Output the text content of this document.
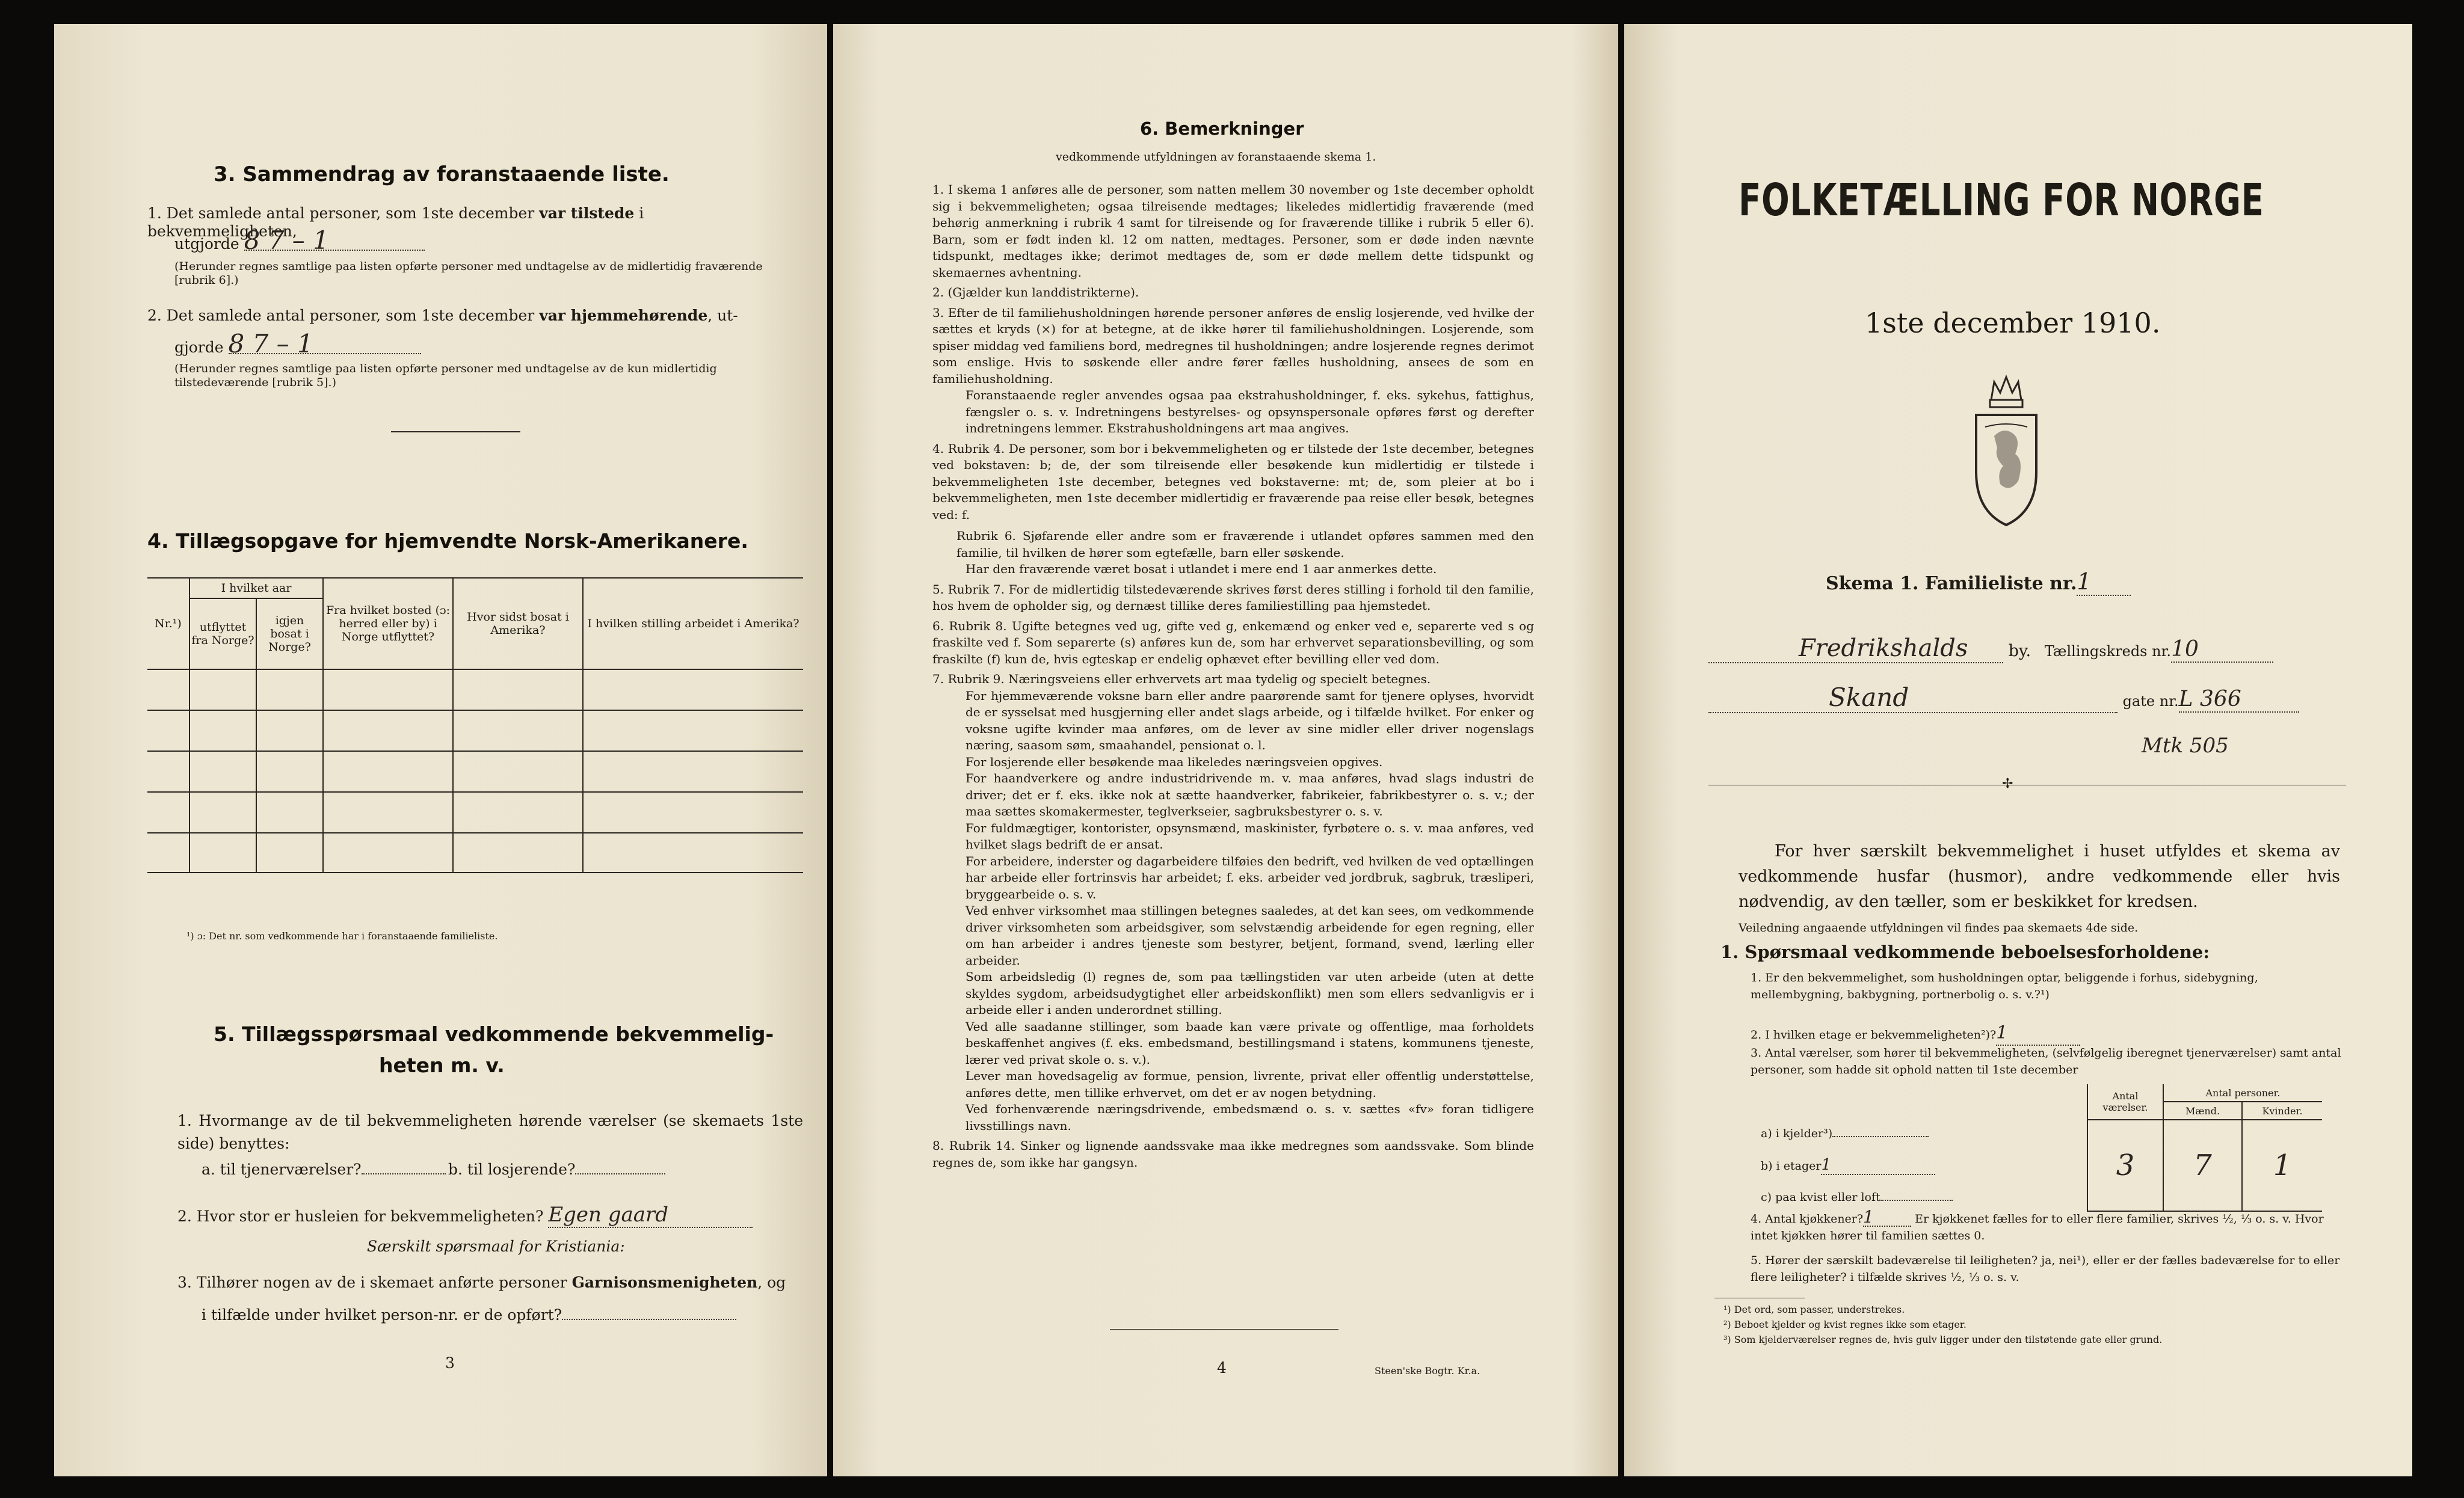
3. Sammendrag av foranstaaende liste.
1. Det samlede antal personer, som 1ste december var tilstede i bekvemmeligheten,
utgjorde 8 7 – 1
(Herunder regnes samtlige paa listen opførte personer med undtagelse av de midlertidig fraværende [rubrik 6].)
2. Det samlede antal personer, som 1ste december var hjemmehørende, ut-
gjorde 8 7 – 1
(Herunder regnes samtlige paa listen opførte personer med undtagelse av de kun midlertidig tilstedeværende [rubrik 5].)
4. Tillægsopgave for hjemvendte Norsk-Amerikanere.
Nr.¹)	I hvilket aar		Fra hvilket bosted (ɔ: herred eller by) i Norge utflyttet?	Hvor sidst bosat i Amerika?	I hvilken stilling arbeidet i Amerika?
	utflyttet fra Norge?	igjen bosat i Norge?			

¹) ɔ: Det nr. som vedkommende har i foranstaaende familieliste.
5. Tillægsspørsmaal vedkommende bekvemmelig-
heten m. v.
1. Hvormange av de til bekvemmeligheten hørende værelser (se skemaets 1ste side) benyttes:
a. til tjenerværelser?	b. til losjerende?
2. Hvor stor er husleien for bekvemmeligheten? Egen gaard
Særskilt spørsmaal for Kristiania:
3. Tilhører nogen av de i skemaet anførte personer Garnisonsmenigheten, og
i tilfælde under hvilket person-nr. er de opført?
3
6. Bemerkninger
vedkommende utfyldningen av foranstaaende skema 1.

1. I skema 1 anføres alle de personer, som natten mellem 30 november og 1ste december opholdt sig i bekvemmeligheten; ogsaa tilreisende medtages; likeledes midlertidig fraværende (med behørig anmerkning i rubrik 4 samt for tilreisende og for fraværende tillike i rubrik 5 eller 6). Barn, som er født inden kl. 12 om natten, medtages. Personer, som er døde inden nævnte tidspunkt, medtages ikke; derimot medtages de, som er døde mellem dette tidspunkt og skemaernes avhentning.

2. (Gjælder kun landdistrikterne).

3. Efter de til familiehusholdningen hørende personer anføres de enslig losjerende, ved hvilke der sættes et kryds (×) for at betegne, at de ikke hører til familiehusholdningen. Losjerende, som spiser middag ved familiens bord, medregnes til husholdningen; andre losjerende regnes derimot som enslige. Hvis to søskende eller andre fører fælles husholdning, ansees de som en familiehusholdning.

Foranstaaende regler anvendes ogsaa paa ekstrahusholdninger, f. eks. sykehus, fattighus, fængsler o. s. v. Indretningens bestyrelses- og opsynspersonale opføres først og derefter indretningens lemmer. Ekstrahusholdningens art maa angives.

4. Rubrik 4. De personer, som bor i bekvemmeligheten og er tilstede der 1ste december, betegnes ved bokstaven: b; de, der som tilreisende eller besøkende kun midlertidig er tilstede i bekvemmeligheten 1ste december, betegnes ved bokstaverne: mt; de, som pleier at bo i bekvemmeligheten, men 1ste december midlertidig er fraværende paa reise eller besøk, betegnes ved: f.

Rubrik 6. Sjøfarende eller andre som er fraværende i utlandet opføres sammen med den familie, til hvilken de hører som egtefælle, barn eller søskende.

Har den fraværende været bosat i utlandet i mere end 1 aar anmerkes dette.

5. Rubrik 7. For de midlertidig tilstedeværende skrives først deres stilling i forhold til den familie, hos hvem de opholder sig, og dernæst tillike deres familiestilling paa hjemstedet.

6. Rubrik 8. Ugifte betegnes ved ug, gifte ved g, enkemænd og enker ved e, separerte ved s og fraskilte ved f. Som separerte (s) anføres kun de, som har erhvervet separationsbevilling, og som fraskilte (f) kun de, hvis egteskap er endelig ophævet efter bevilling eller ved dom.

7. Rubrik 9. Næringsveiens eller erhvervets art maa tydelig og specielt betegnes.

For hjemmeværende voksne barn eller andre paarørende samt for tjenere oplyses, hvorvidt de er sysselsat med husgjerning eller andet slags arbeide, og i tilfælde hvilket. For enker og voksne ugifte kvinder maa anføres, om de lever av sine midler eller driver nogenslags næring, saasom søm, smaahandel, pensionat o. l.

For losjerende eller besøkende maa likeledes næringsveien opgives.

For haandverkere og andre industridrivende m. v. maa anføres, hvad slags industri de driver; det er f. eks. ikke nok at sætte haandverker, fabrikeier, fabrikbestyrer o. s. v.; der maa sættes skomakermester, teglverkseier, sagbruksbestyrer o. s. v.

For fuldmægtiger, kontorister, opsynsmænd, maskinister, fyrbøtere o. s. v. maa anføres, ved hvilket slags bedrift de er ansat.

For arbeidere, inderster og dagarbeidere tilføies den bedrift, ved hvilken de ved optællingen har arbeide eller fortrinsvis har arbeidet; f. eks. arbeider ved jordbruk, sagbruk, træsliperi, bryggearbeide o. s. v.

Ved enhver virksomhet maa stillingen betegnes saaledes, at det kan sees, om vedkommende driver virksomheten som arbeidsgiver, som selvstændig arbeidende for egen regning, eller om han arbeider i andres tjeneste som bestyrer, betjent, formand, svend, lærling eller arbeider.

Som arbeidsledig (l) regnes de, som paa tællingstiden var uten arbeide (uten at dette skyldes sygdom, arbeidsudygtighet eller arbeidskonflikt) men som ellers sedvanligvis er i arbeide eller i anden underordnet stilling.

Ved alle saadanne stillinger, som baade kan være private og offentlige, maa forholdets beskaffenhet angives (f. eks. embedsmand, bestillingsmand i statens, kommunens tjeneste, lærer ved privat skole o. s. v.).

Lever man hovedsagelig av formue, pension, livrente, privat eller offentlig understøttelse, anføres dette, men tillike erhvervet, om det er av nogen betydning.

Ved forhenværende næringsdrivende, embedsmænd o. s. v. sættes «fv» foran tidligere livsstillings navn.

8. Rubrik 14. Sinker og lignende aandssvake maa ikke medregnes som aandssvake. Som blinde regnes de, som ikke har gangsyn.

4	Steen'ske Bogtr. Kr.a.
FOLKETÆLLING FOR NORGE
1ste december 1910.
Skema 1. Familieliste nr.1
Fredrikshalds by. Tællingskreds nr.10
Skand	gate nr.L 366
Mtk 505
✢
For hver særskilt bekvemmelighet i huset utfyldes et skema av vedkommende husfar (husmor), andre vedkommende eller hvis nødvendig, av den tæller, som er beskikket for kredsen.
Veiledning angaaende utfyldningen vil findes paa skemaets 4de side.
1. Spørsmaal vedkommende beboelsesforholdene:
1. Er den bekvemmelighet, som husholdningen optar, beliggende i forhus, sidebygning, mellembygning, bakbygning, portnerbolig o. s. v.?¹)
2. I hvilken etage er bekvemmeligheten²)?1
3. Antal værelser, som hører til bekvemmeligheten, (selvfølgelig iberegnet tjenerværelser) samt antal personer, som hadde sit ophold natten til 1ste december
	Antal værelser.	Antal personer.	
		Mænd.	Kvinder.
a) i kjelder³)			
b) i etager1	3	7	1
c) paa kvist eller loft			
4. Antal kjøkkener?1	Er kjøkkenet fælles for to eller flere familier, skrives ½, ⅓ o. s. v. Hvor intet kjøkken hører til familien sættes 0.
5. Hører der særskilt badeværelse til leiligheten? ja, nei¹), eller er der fælles badeværelse for to eller flere leiligheter? i tilfælde skrives ½, ⅓ o. s. v.
¹) Det ord, som passer, understrekes.
²) Beboet kjelder og kvist regnes ikke som etager.
³) Som kjelderværelser regnes de, hvis gulv ligger under den tilstøtende gate eller grund.
